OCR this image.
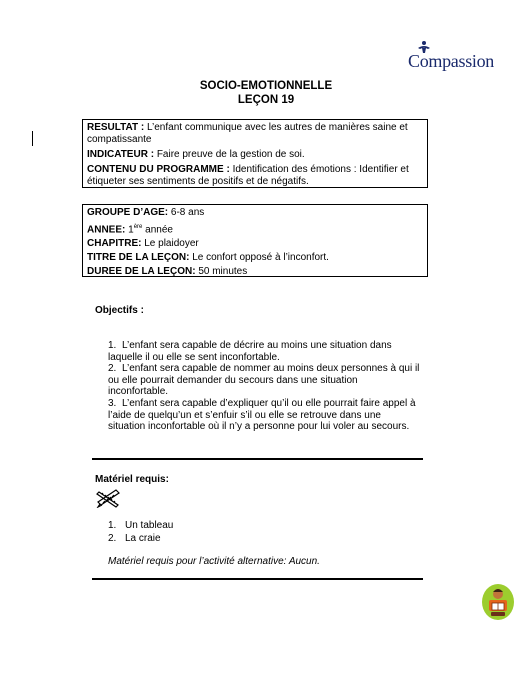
Compassion
SOCIO-EMOTIONNELLE
LEÇON 19
RESULTAT : L’enfant communique avec les autres de manières saine et compatissante
INDICATEUR : Faire preuve de la gestion de soi.
CONTENU DU PROGRAMME : Identification des émotions : Identifier et étiqueter ses sentiments de positifs et de négatifs.
GROUPE D’AGE: 6-8 ans
ANNEE: 1ère année
CHAPITRE: Le plaidoyer
TITRE DE LA LEÇON: Le confort opposé à l’inconfort.
DUREE DE LA LEÇON: 50 minutes
Objectifs :
1. L’enfant sera capable de décrire au moins une situation dans laquelle il ou elle se sent inconfortable.
2. L’enfant sera capable de nommer au moins deux personnes à qui il ou elle pourrait demander du secours dans une situation inconfortable.
3. L’enfant sera capable d’expliquer qu’il ou elle pourrait faire appel à l’aide de quelqu’un et s’enfuir s’il ou elle se retrouve dans une situation inconfortable où il n’y a personne pour lui voler au secours.
Matériel requis:
1. Un tableau
2. La craie
Matériel requis pour l’activité alternative: Aucun.
